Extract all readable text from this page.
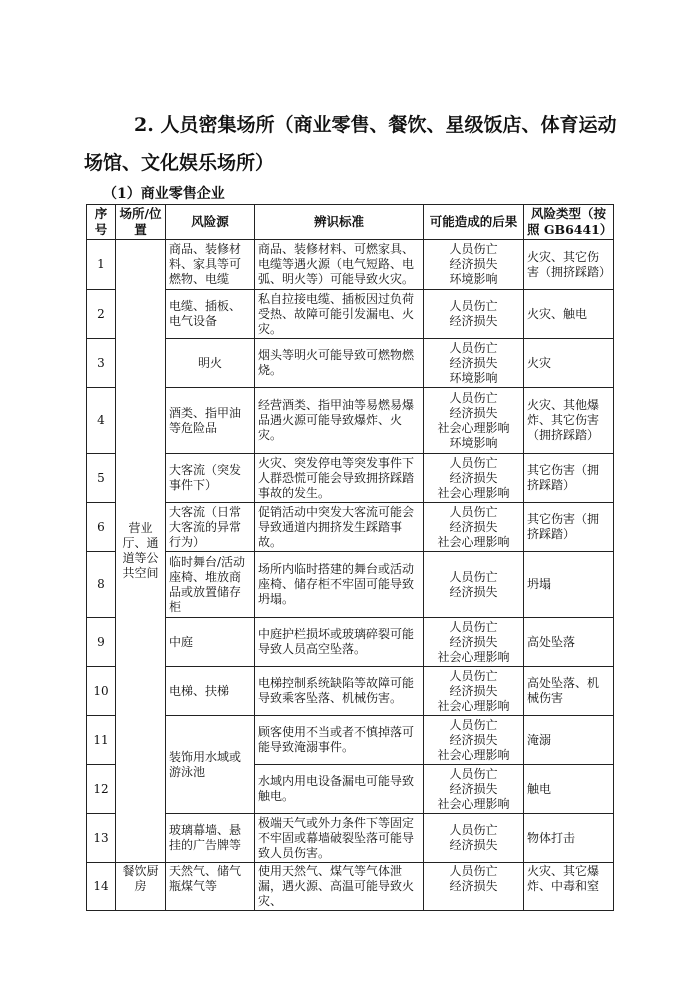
2. 人员密集场所（商业零售、餐饮、星级饭店、体育运动
场馆、文化娱乐场所）
（1）商业零售企业
序号	场所/位置	风险源	辨识标准	可能造成的后果	风险类型（按照 GB6441）
1	营业厅、通道等公共空间	商品、装修材料、家具等可燃物、电缆	商品、装修材料、可燃家具、电缆等遇火源（电气短路、电弧、明火等）可能导致火灾。	人员伤亡
经济损失
环境影响	火灾、其它伤害（拥挤踩踏）
2		电缆、插板、电气设备	私自拉接电缆、插板因过负荷受热、故障可能引发漏电、火灾。	人员伤亡
经济损失	火灾、触电
3		明火	烟头等明火可能导致可燃物燃烧。	人员伤亡
经济损失
环境影响	火灾
4		酒类、指甲油等危险品	经营酒类、指甲油等易燃易爆品遇火源可能导致爆炸、火灾。	人员伤亡
经济损失
社会心理影响
环境影响	火灾、其他爆炸、其它伤害（拥挤踩踏）
5		大客流（突发事件下）	火灾、突发停电等突发事件下人群恐慌可能会导致拥挤踩踏事故的发生。	人员伤亡
经济损失
社会心理影响	其它伤害（拥挤踩踏）
6		大客流（日常大客流的异常行为）	促销活动中突发大客流可能会导致通道内拥挤发生踩踏事故。	人员伤亡
经济损失
社会心理影响	其它伤害（拥挤踩踏）
8		临时舞台/活动座椅、堆放商品或放置储存柜	场所内临时搭建的舞台或活动座椅、储存柜不牢固可能导致坍塌。	人员伤亡
经济损失	坍塌
9		中庭	中庭护栏损坏或玻璃碎裂可能导致人员高空坠落。	人员伤亡
经济损失
社会心理影响	高处坠落
10		电梯、扶梯	电梯控制系统缺陷等故障可能导致乘客坠落、机械伤害。	人员伤亡
经济损失
社会心理影响	高处坠落、机械伤害
11		装饰用水域或游泳池	顾客使用不当或者不慎掉落可能导致淹溺事件。	人员伤亡
经济损失
社会心理影响	淹溺
12			水域内用电设备漏电可能导致触电。	人员伤亡
经济损失
社会心理影响	触电
13		玻璃幕墙、悬挂的广告牌等	极端天气或外力条件下等固定不牢固或幕墙破裂坠落可能导致人员伤害。	人员伤亡
经济损失	物体打击
14	餐饮厨房	天然气、储气瓶煤气等	使用天然气、煤气等气体泄漏，遇火源、高温可能导致火灾、	人员伤亡
经济损失	火灾、其它爆炸、中毒和窒
